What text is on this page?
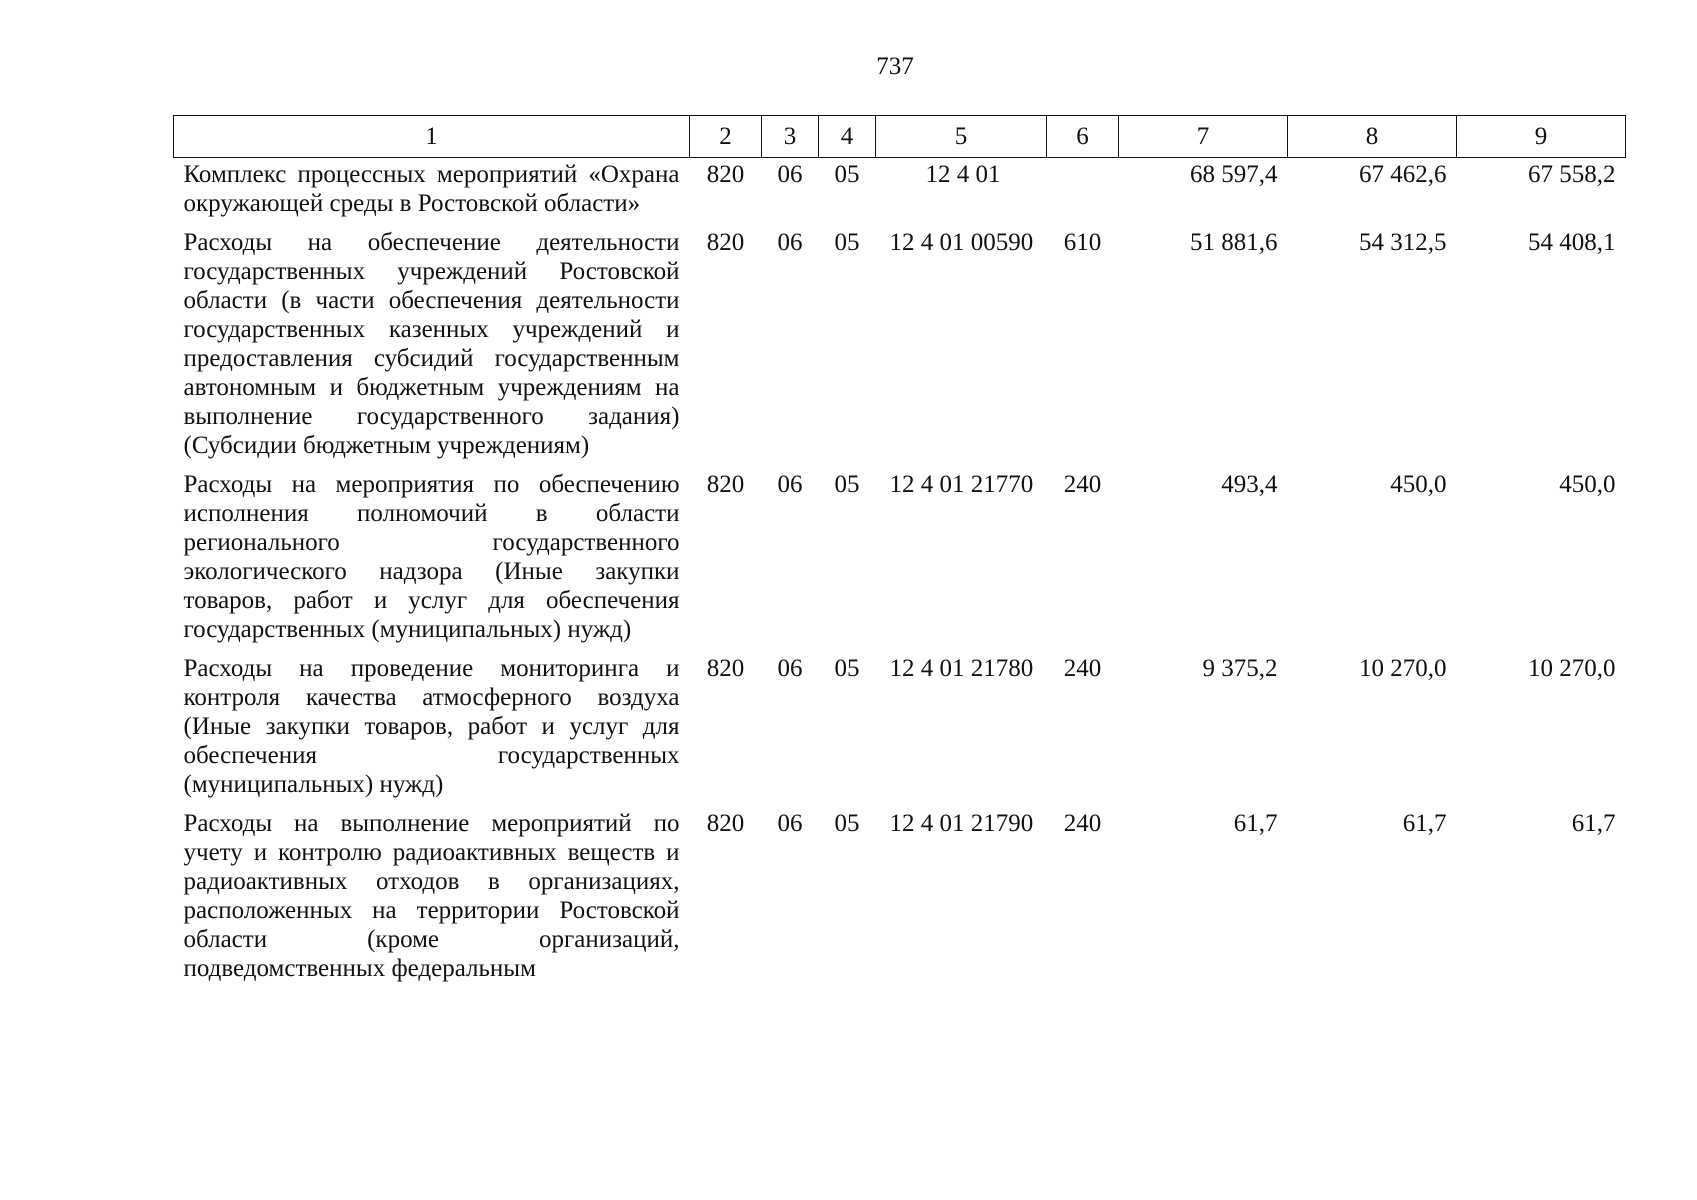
737
1	2	3	4	5	6	7	8	9
Комплекс процессных мероприятий «Охрана окружающей среды в Ростовской области»	820	06	05	12 4 01		68 597,4	67 462,6	67 558,2
Расходы на обеспечение деятельности государственных учреждений Ростовской области (в части обеспечения деятельности государственных казенных учреждений и предоставления субсидий государственным автономным и бюджетным учреждениям на выполнение государственного задания) (Субсидии бюджетным учреждениям)	820	06	05	12 4 01 00590	610	51 881,6	54 312,5	54 408,1
Расходы на мероприятия по обеспечению исполнения полномочий в области регионального государственного экологического надзора (Иные закупки товаров, работ и услуг для обеспечения государственных (муниципальных) нужд)	820	06	05	12 4 01 21770	240	493,4	450,0	450,0
Расходы на проведение мониторинга и контроля качества атмосферного воздуха (Иные закупки товаров, работ и услуг для обеспечения государственных (муниципальных) нужд)	820	06	05	12 4 01 21780	240	9 375,2	10 270,0	10 270,0
Расходы на выполнение мероприятий по учету и контролю радиоактивных веществ и радиоактивных отходов в организациях, расположенных на территории Ростовской области (кроме организаций, подведомственных федеральным	820	06	05	12 4 01 21790	240	61,7	61,7	61,7
